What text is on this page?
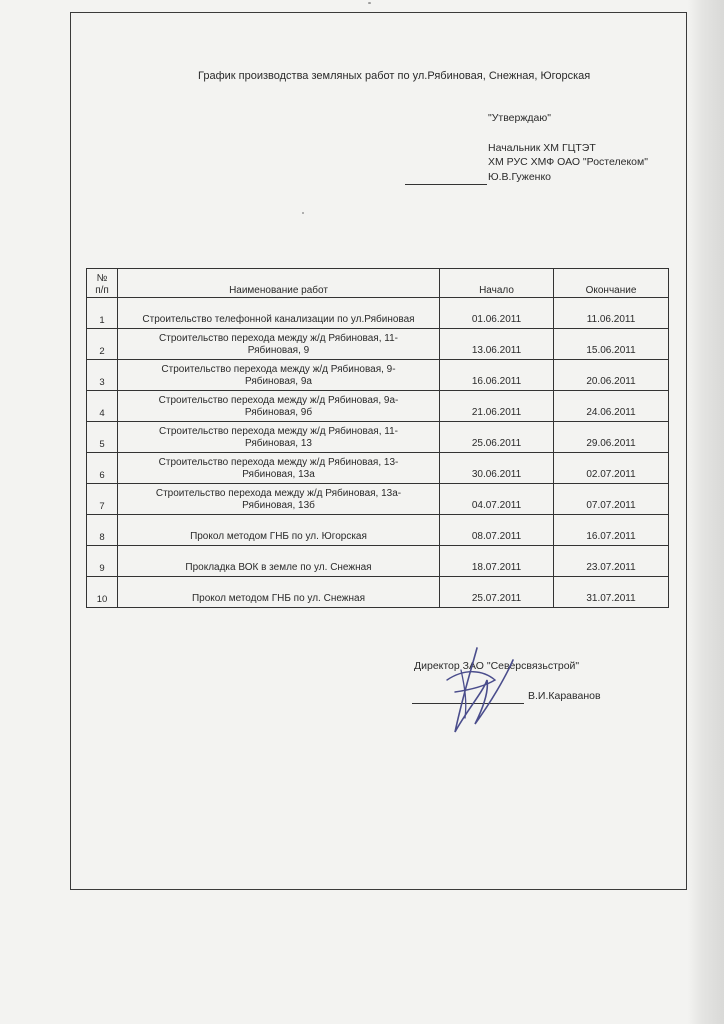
График производства земляных работ по ул.Рябиновая, Снежная, Югорская
"Утверждаю"
Начальник ХМ ГЦТЭТ
ХМ РУС ХМФ ОАО "Ростелеком"
Ю.В.Гуженко
№
п/п	Наименование работ	Начало	Окончание
1	Строительство телефонной канализации по ул.Рябиновая	01.06.2011	11.06.2011
2	Строительство перехода между ж/д Рябиновая, 11-
Рябиновая, 9	13.06.2011	15.06.2011
3	Строительство перехода между ж/д Рябиновая, 9-
Рябиновая, 9а	16.06.2011	20.06.2011
4	Строительство перехода между ж/д Рябиновая, 9а-
Рябиновая, 9б	21.06.2011	24.06.2011
5	Строительство перехода между ж/д Рябиновая, 11-
Рябиновая, 13	25.06.2011	29.06.2011
6	Строительство перехода между ж/д Рябиновая, 13-
Рябиновая, 13а	30.06.2011	02.07.2011
7	Строительство перехода между ж/д Рябиновая, 13а-
Рябиновая, 13б	04.07.2011	07.07.2011
8	Прокол методом ГНБ по ул. Югорская	08.07.2011	16.07.2011
9	Прокладка ВОК в земле по ул. Снежная	18.07.2011	23.07.2011
10	Прокол методом ГНБ по ул. Снежная	25.07.2011	31.07.2011
Директор ЗАО "Северсвязьстрой"
В.И.Караванов
